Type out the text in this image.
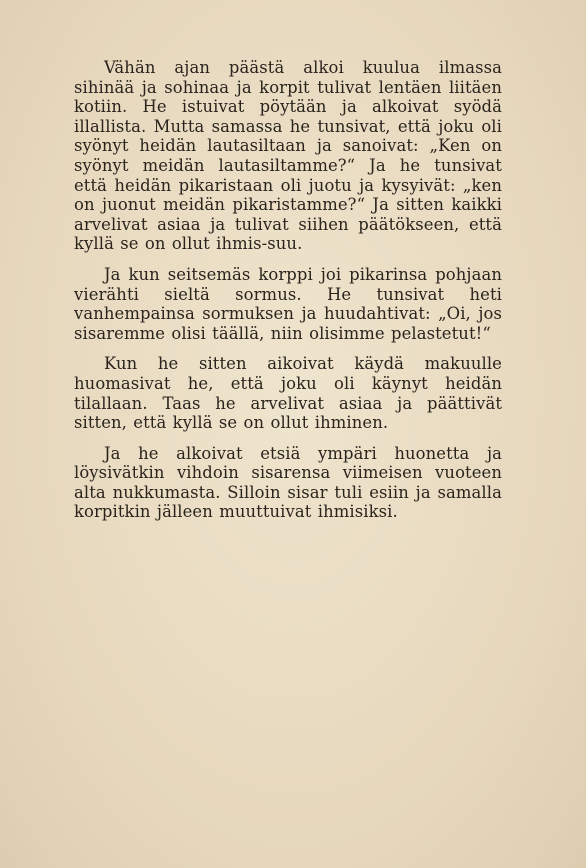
Vähän ajan päästä alkoi kuulua ilmassa sihinää ja sohinaa ja korpit tulivat lentäen liitäen kotiin. He istuivat pöytään ja alkoivat syödä illallista. Mutta samassa he tunsivat, että joku oli syönyt heidän lautasiltaan ja sanoivat: „Ken on syönyt meidän lautasiltamme?“ Ja he tunsivat että heidän pikaristaan oli juotu ja kysyivät: „ken on juonut meidän pikaristamme?“ Ja sitten kaikki arvelivat asiaa ja tulivat siihen päätökseen, että kyllä se on ollut ihmis-suu.

Ja kun seitsemäs korppi joi pikarinsa pohjaan vierähti sieltä sormus. He tunsivat heti vanhempainsa sormuksen ja huudahtivat: „Oi, jos sisaremme olisi täällä, niin olisimme pelastetut!“

Kun he sitten aikoivat käydä makuulle huomasivat he, että joku oli käynyt heidän tilallaan. Taas he arvelivat asiaa ja päättivät sitten, että kyllä se on ollut ihminen.

Ja he alkoivat etsiä ympäri huonetta ja löysivätkin vihdoin sisarensa viimeisen vuoteen alta nukkumasta. Silloin sisar tuli esiin ja samalla korpitkin jälleen muuttuivat ihmisiksi.
